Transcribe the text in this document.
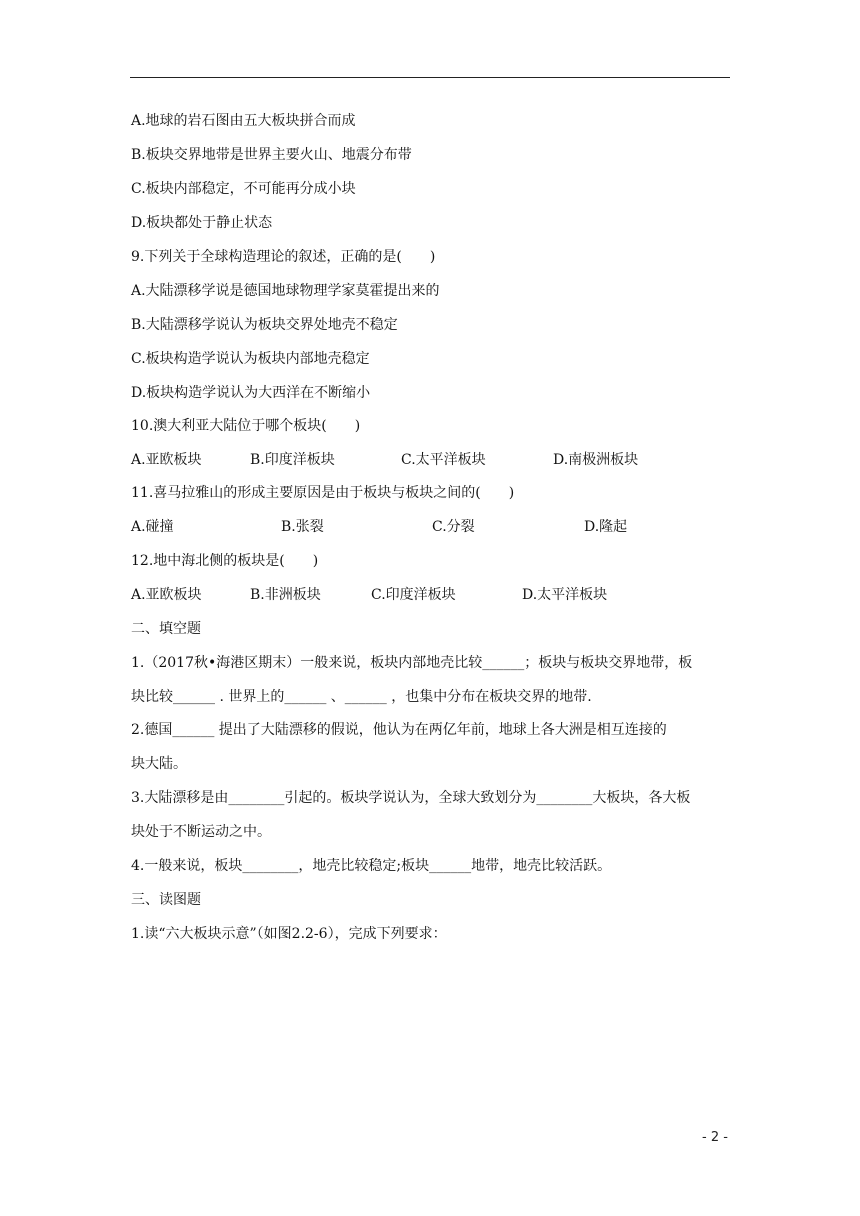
A.地球的岩石图由五大板块拼合而成
B.板块交界地带是世界主要火山、地震分布带
C.板块内部稳定，不可能再分成小块
D.板块都处于静止状态
9.下列关于全球构造理论的叙述，正确的是(　　)
A.大陆漂移学说是德国地球物理学家莫霍提出来的
B.大陆漂移学说认为板块交界处地壳不稳定
C.板块构造学说认为板块内部地壳稳定
D.板块构造学说认为大西洋在不断缩小
10.澳大利亚大陆位于哪个板块(　　)
A.亚欧板块	B.印度洋板块	C.太平洋板块	D.南极洲板块
11.喜马拉雅山的形成主要原因是由于板块与板块之间的(　　)
A.碰撞	B.张裂	C.分裂	D.隆起
12.地中海北侧的板块是(　　)
A.亚欧板块	B.非洲板块	C.印度洋板块	D.太平洋板块
二、填空题
1.（2017秋•海港区期末）一般来说，板块内部地壳比较______；板块与板块交界地带，板
块比较______ . 世界上的______ 、______ ，也集中分布在板块交界的地带.
2.德国______ 提出了大陆漂移的假说，他认为在两亿年前，地球上各大洲是相互连接的
块大陆。
3.大陆漂移是由________引起的。板块学说认为，全球大致划分为________大板块，各大板
块处于不断运动之中。
4.一般来说，板块________，地壳比较稳定;板块______地带，地壳比较活跃。
三、读图题
1.读“六大板块示意”（如图2.2-6），完成下列要求：
- 2 -
